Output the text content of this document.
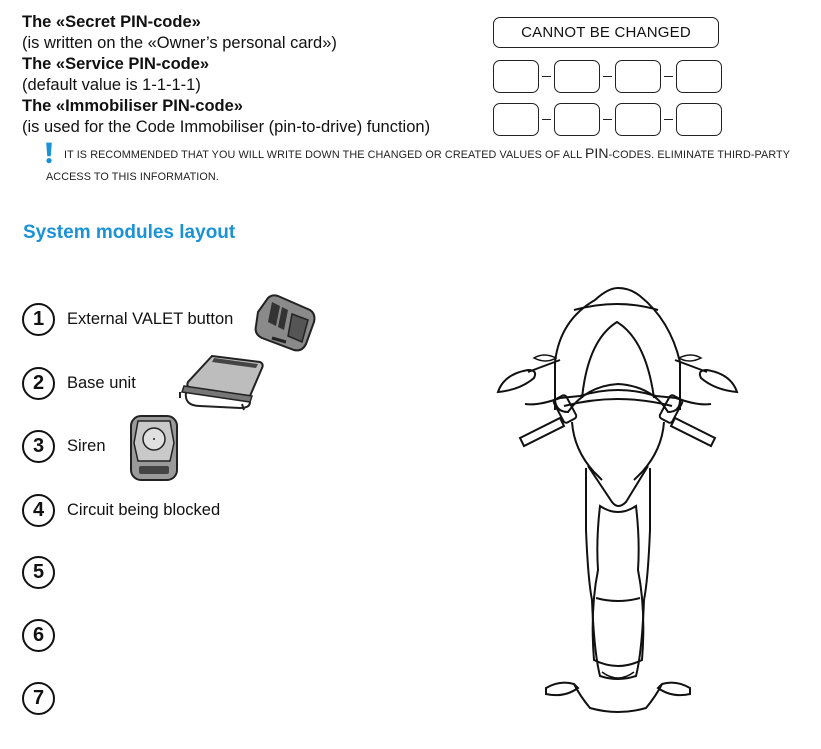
The «Secret PIN-code»
(is written on the «Owner’s personal card»)
The «Service PIN-code»
(default value is 1-1-1-1)
The «Immobiliser PIN-code»
(is used for the Code Immobiliser (pin-to-drive) function)
CANNOT BE CHANGED
IT IS RECOMMENDED THAT YOU WILL WRITE DOWN THE CHANGED OR CREATED VALUES OF ALL PIN-CODES. ELIMINATE THIRD-PARTY
ACCESS TO THIS INFORMATION.
System modules layout
1	External VALET button
2	Base unit
3	Siren
4	Circuit being blocked
5
6
7
